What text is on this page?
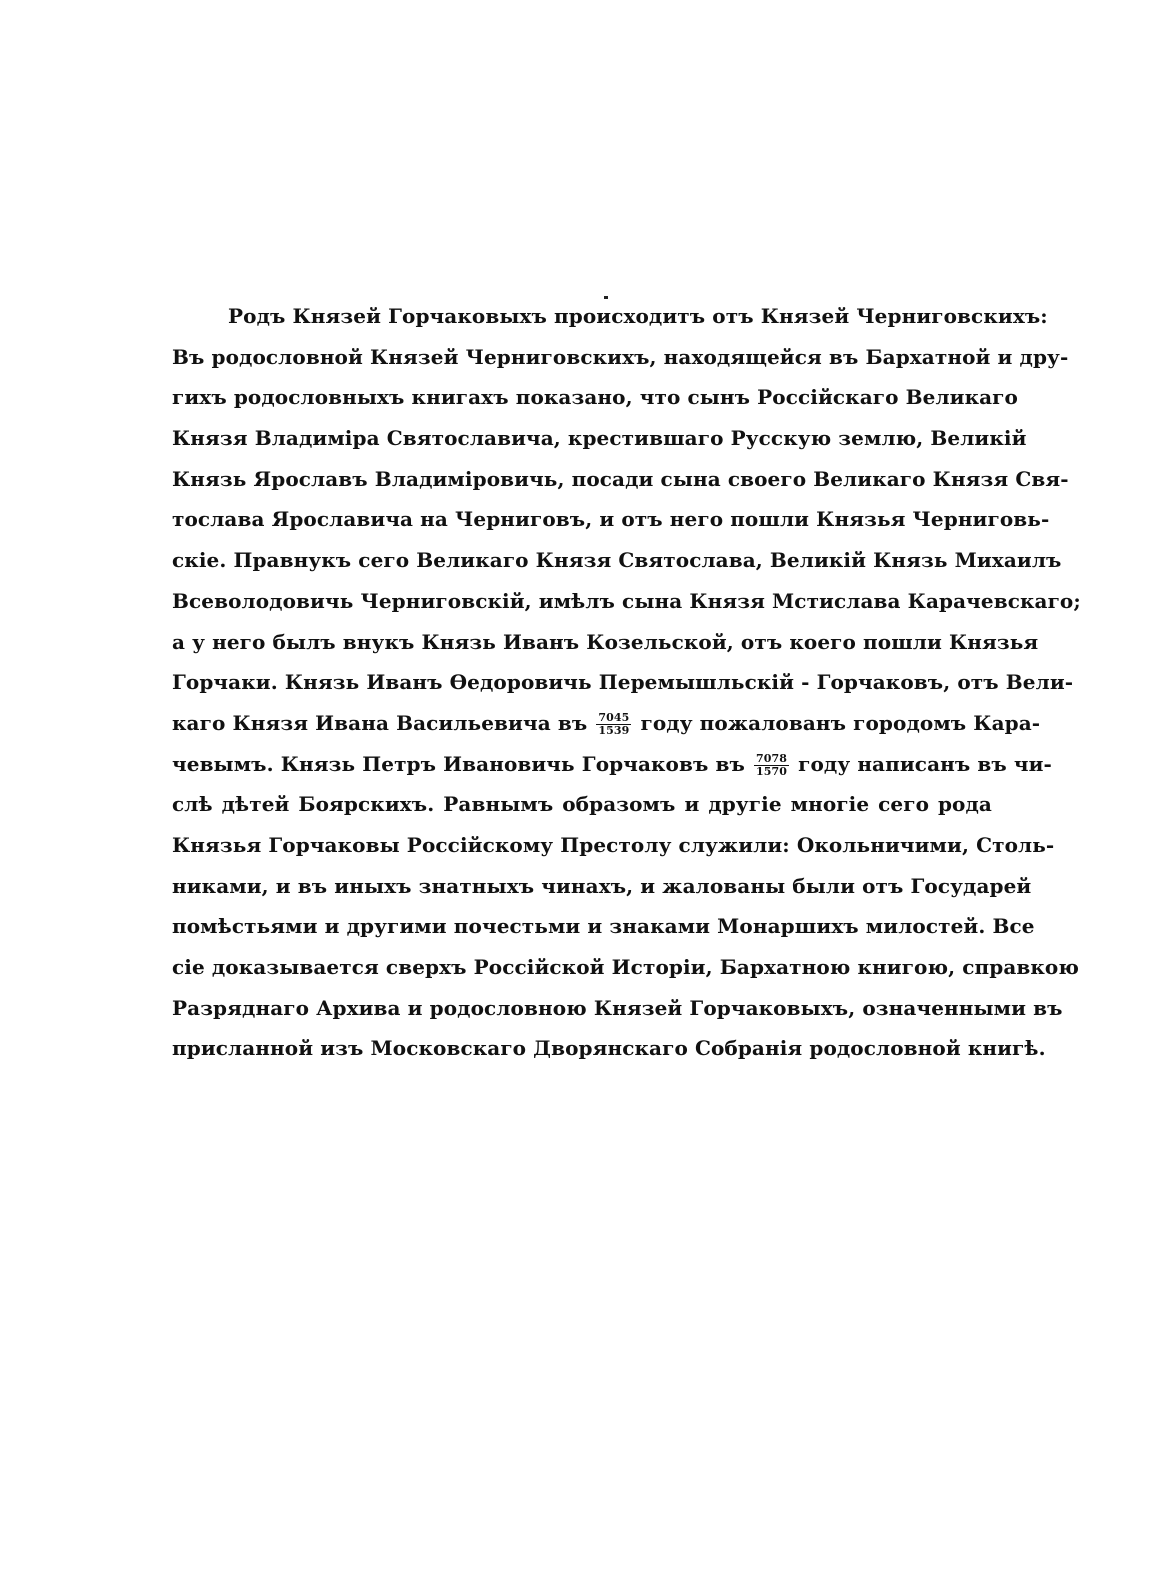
Родъ Князей Горчаковыхъ происходитъ отъ Князей Черниговскихъ:
Въ родословной Князей Черниговскихъ, находящейся въ Бархатной и дру-
гихъ родословныхъ книгахъ показано, что сынъ Россійскаго Великаго
Князя Владиміра Святославича, крестившаго Русскую землю, Великій
Князь Ярославъ Владиміровичь, посади сына своего Великаго Князя Свя-
тослава Ярославича на Черниговъ, и отъ него пошли Князья Черниговь-
скіе. Правнукъ сего Великаго Князя Святослава, Великій Князь Михаилъ
Всеволодовичь Черниговскій, имѣлъ сына Князя Мстислава Карачевскаго;
а у него былъ внукъ Князь Иванъ Козельской, отъ коего пошли Князья
Горчаки. Князь Иванъ Ѳедоровичь Перемышльскій - Горчаковъ, отъ Вели-
каго Князя Ивана Васильевича въ $\frac{7045}{1539}$ году пожалованъ городомъ Кара-
чевымъ. Князь Петръ Ивановичь Горчаковъ въ $\frac{7078}{1570}$ году написанъ въ чи-
слѣ дѣтей Боярскихъ. Равнымъ образомъ и другіе многіе сего рода
Князья Горчаковы Россійскому Престолу служили: Окольничими, Столь-
никами, и въ иныхъ знатныхъ чинахъ, и жалованы были отъ Государей
помѣстьями и другими почестьми и знаками Монаршихъ милостей. Все
сіе доказывается сверхъ Россійской Исторіи, Бархатною книгою, справкою
Разряднаго Архива и родословною Князей Горчаковыхъ, означенными въ
присланной изъ Московскаго Дворянскаго Собранія родословной книгѣ.
